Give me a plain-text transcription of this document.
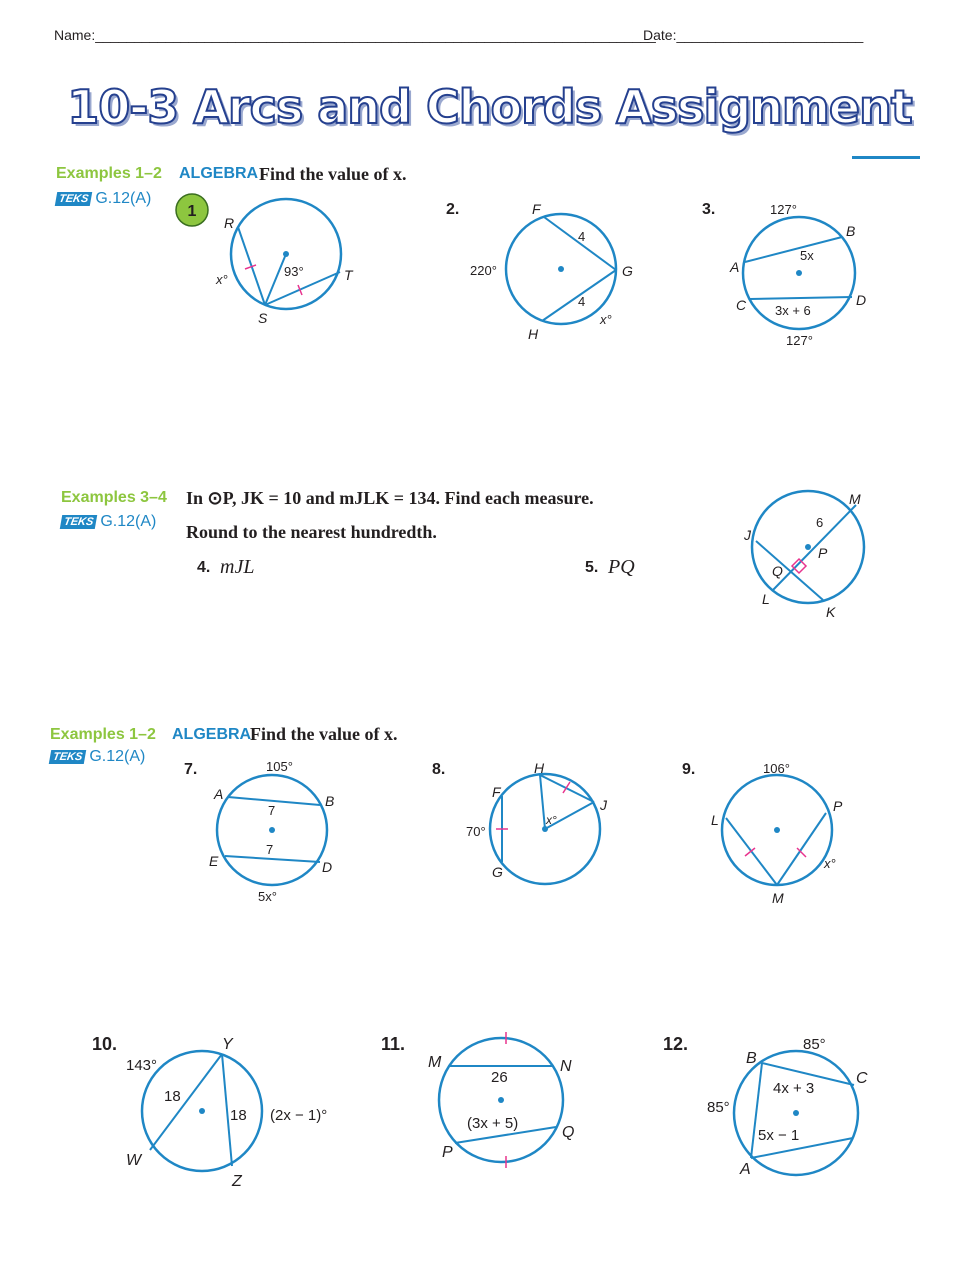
Name:________________________________________________________________________
Date:________________________
10-3 Arcs and Chords Assignment
Examples 1–2
TEKS G.12(A)
ALGEBRA Find the value of x.
1
R
S
T
x°
93°
2.	F
G
H
4
4
220°
x°
3.	127°
127°
A
B
C	D
5x
3x + 6
Examples 3–4
TEKS G.12(A)
In ⊙P, JK = 10 and mJLK = 134. Find each measure.
Round to the nearest hundredth.
4. mJL	5. PQ
J
M
6
P
Q
L
K
Examples 1–2
TEKS G.12(A)
ALGEBRA
Find the value of x.
7.	105°
5x°
A	B
E	D
7
7
8.	H
F
J
G
70°
x°
9.	106°
L
P
M
x°
10.	Y
W
Z
143°
18
18 (2x − 1)°
11.
M	N
P
Q
26
(3x + 5)
12.	85°
85°
B
C
A
4x + 3
5x − 1
